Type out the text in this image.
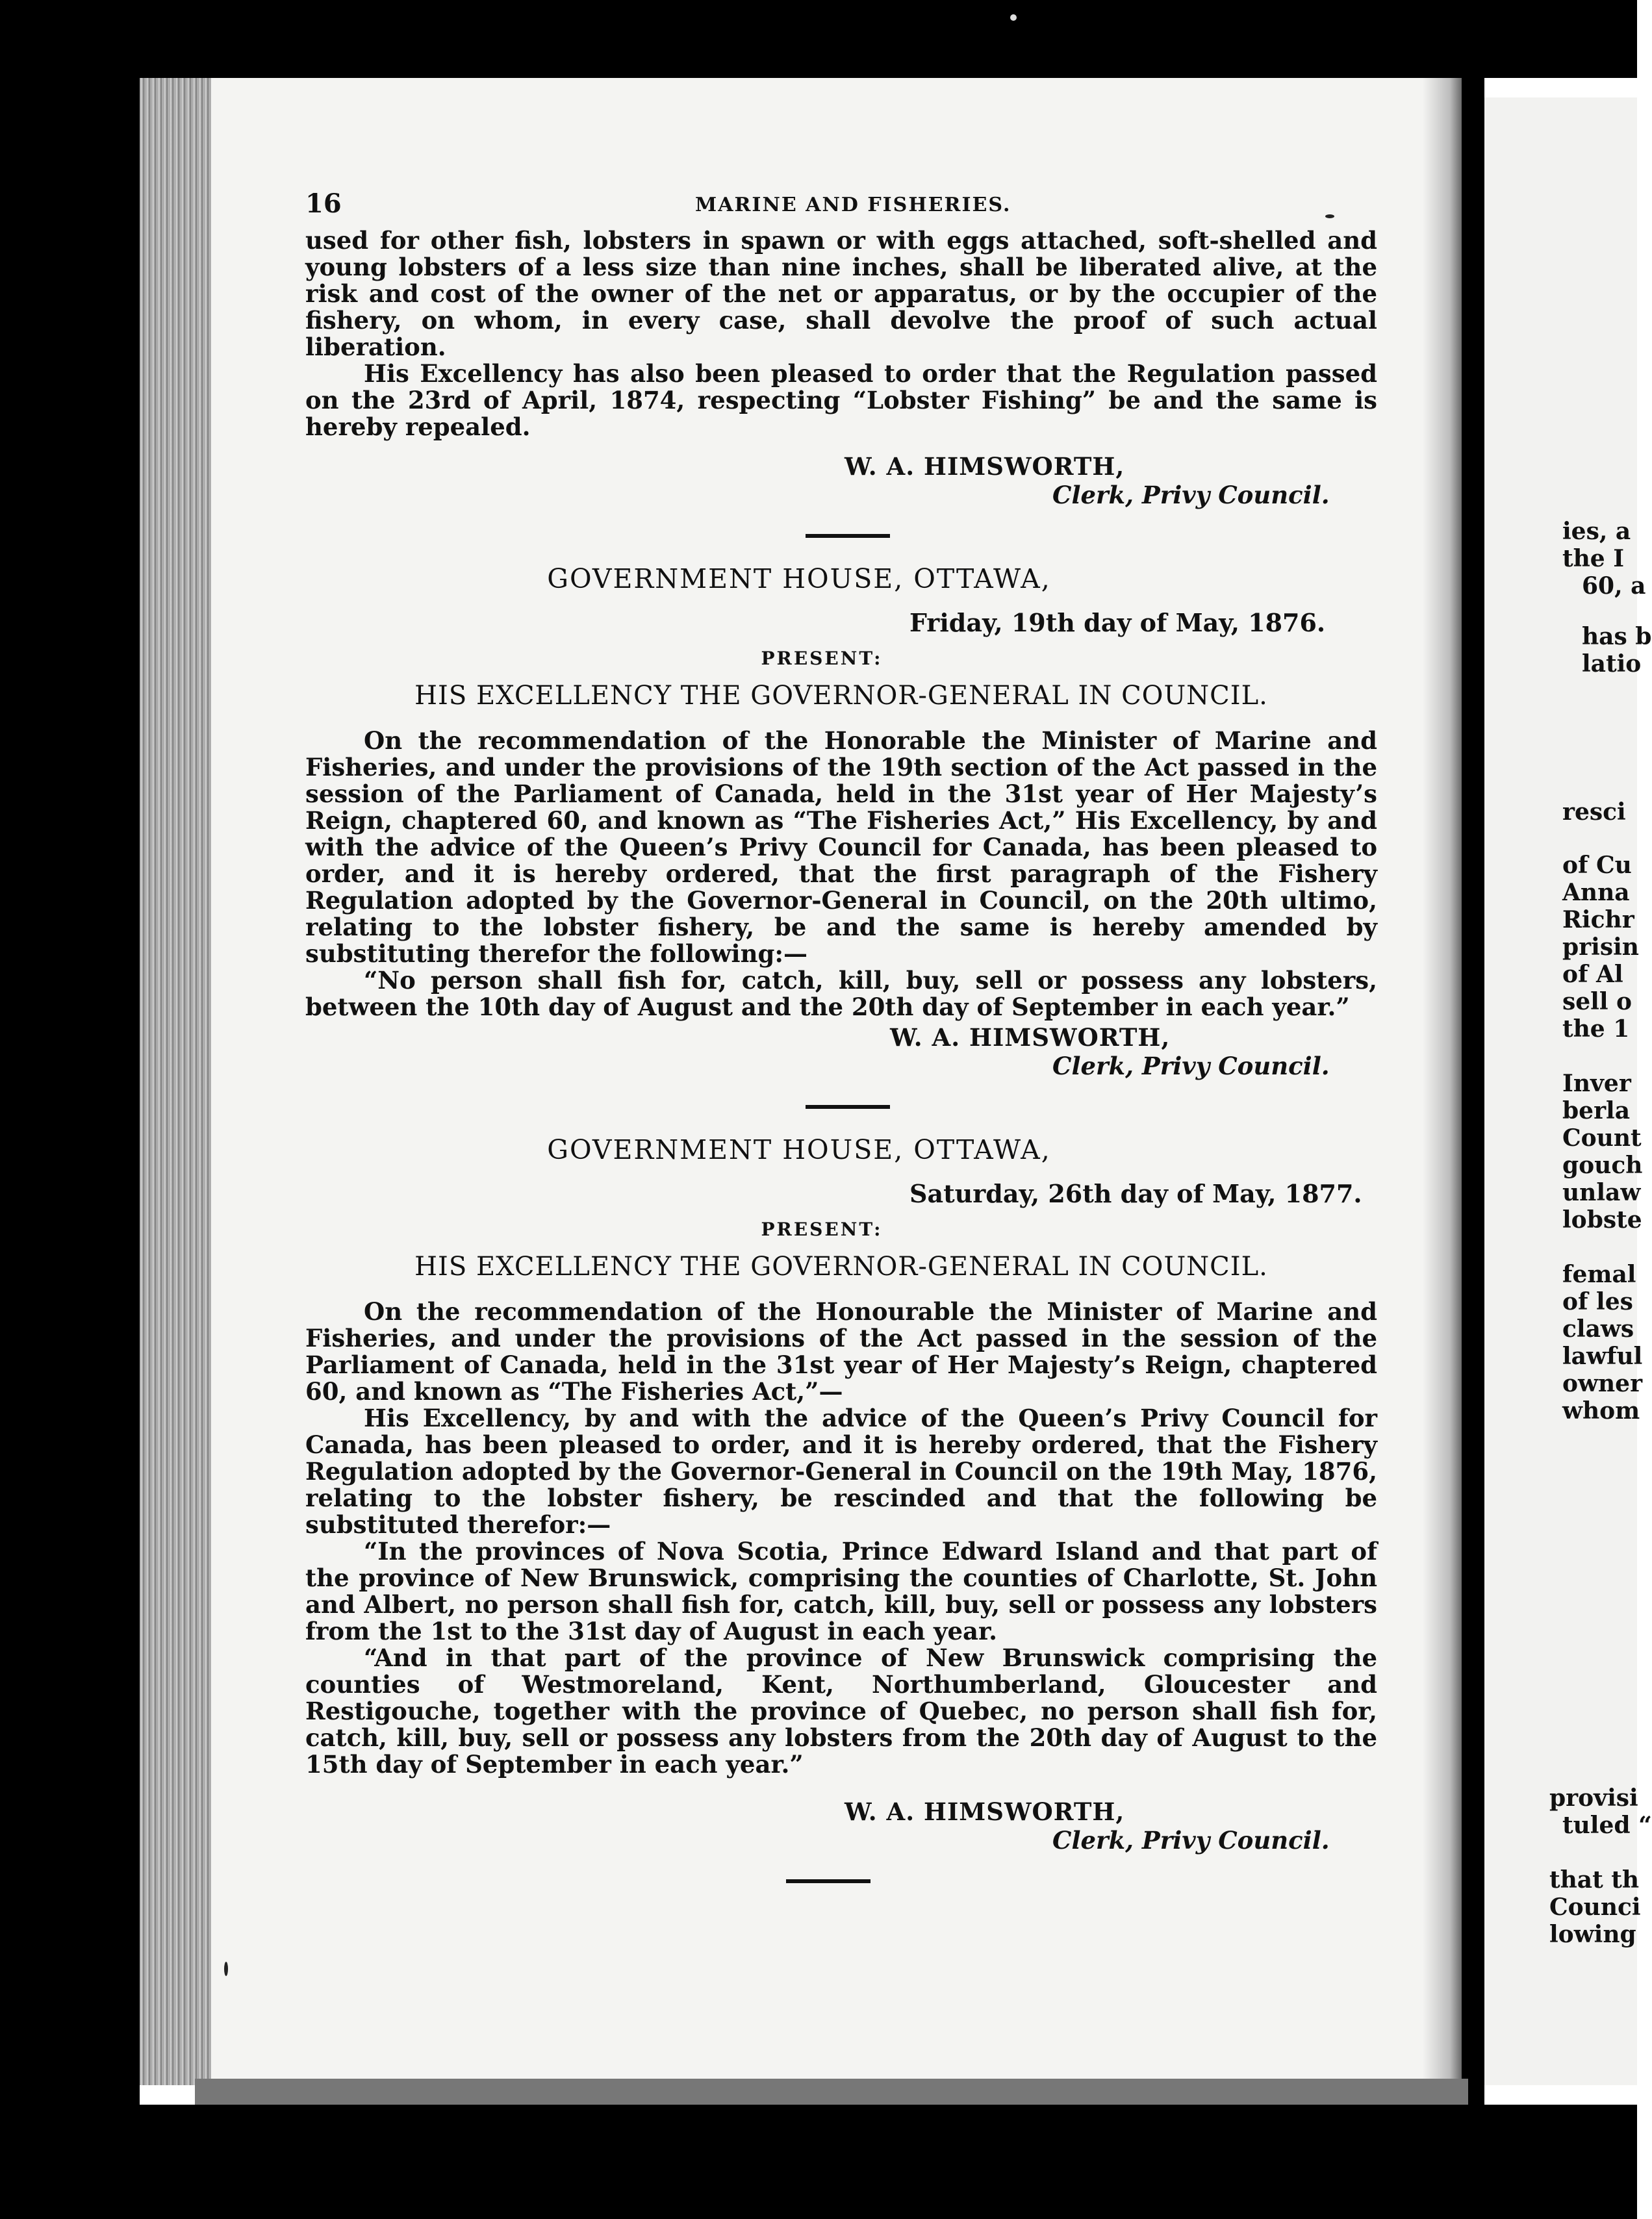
ies, a
the I
60, a
has b
latio
resci
of Cu
Anna
Richr
prisin
of Al
sell o
the 1
Inver
berla
Count
gouch
unlaw
lobste
femal
of les
claws
lawful
owner
whom
provisi
tuled “
that th
Counci
lowing
16	MARINE AND FISHERIES.

used for other fish, lobsters in spawn or with eggs attached, soft-shelled and young lobsters of a less size than nine inches, shall be liberated alive, at the risk and cost of the owner of the net or apparatus, or by the occupier of the fishery, on whom, in every case, shall devolve the proof of such actual liberation.

His Excellency has also been pleased to order that the Regulation passed on the 23rd of April, 1874, respecting “Lobster Fishing” be and the same is hereby repealed.

W. A. HIMSWORTH,
Clerk, Privy Council.
GOVERNMENT HOUSE, OTTAWA,
Friday, 19th day of May, 1876.
PRESENT:
HIS EXCELLENCY THE GOVERNOR-GENERAL IN COUNCIL.

On the recommendation of the Honorable the Minister of Marine and Fisheries, and under the provisions of the 19th section of the Act passed in the session of the Parliament of Canada, held in the 31st year of Her Majesty’s Reign, chaptered 60, and known as “The Fisheries Act,” His Excellency, by and with the advice of the Queen’s Privy Council for Canada, has been pleased to order, and it is hereby ordered, that the first paragraph of the Fishery Regulation adopted by the Governor-General in Council, on the 20th ultimo, relating to the lobster fishery, be and the same is hereby amended by substituting therefor the following:—

“No person shall fish for, catch, kill, buy, sell or possess any lobsters, between the 10th day of August and the 20th day of September in each year.”

W. A. HIMSWORTH,
Clerk, Privy Council.
GOVERNMENT HOUSE, OTTAWA,
Saturday, 26th day of May, 1877.
PRESENT:
HIS EXCELLENCY THE GOVERNOR-GENERAL IN COUNCIL.

On the recommendation of the Honourable the Minister of Marine and Fisheries, and under the provisions of the Act passed in the session of the Parliament of Canada, held in the 31st year of Her Majesty’s Reign, chaptered 60, and known as “The Fisheries Act,”—

His Excellency, by and with the advice of the Queen’s Privy Council for Canada, has been pleased to order, and it is hereby ordered, that the Fishery Regulation adopted by the Governor-General in Council on the 19th May, 1876, relating to the lobster fishery, be rescinded and that the following be substituted therefor:—

“In the provinces of Nova Scotia, Prince Edward Island and that part of the province of New Brunswick, comprising the counties of Charlotte, St. John and Albert, no person shall fish for, catch, kill, buy, sell or possess any lobsters from the 1st to the 31st day of August in each year.

“And in that part of the province of New Brunswick comprising the counties of Westmoreland, Kent, Northumberland, Gloucester and Restigouche, together with the province of Quebec, no person shall fish for, catch, kill, buy, sell or possess any lobsters from the 20th day of August to the 15th day of September in each year.”

W. A. HIMSWORTH,
Clerk, Privy Council.
